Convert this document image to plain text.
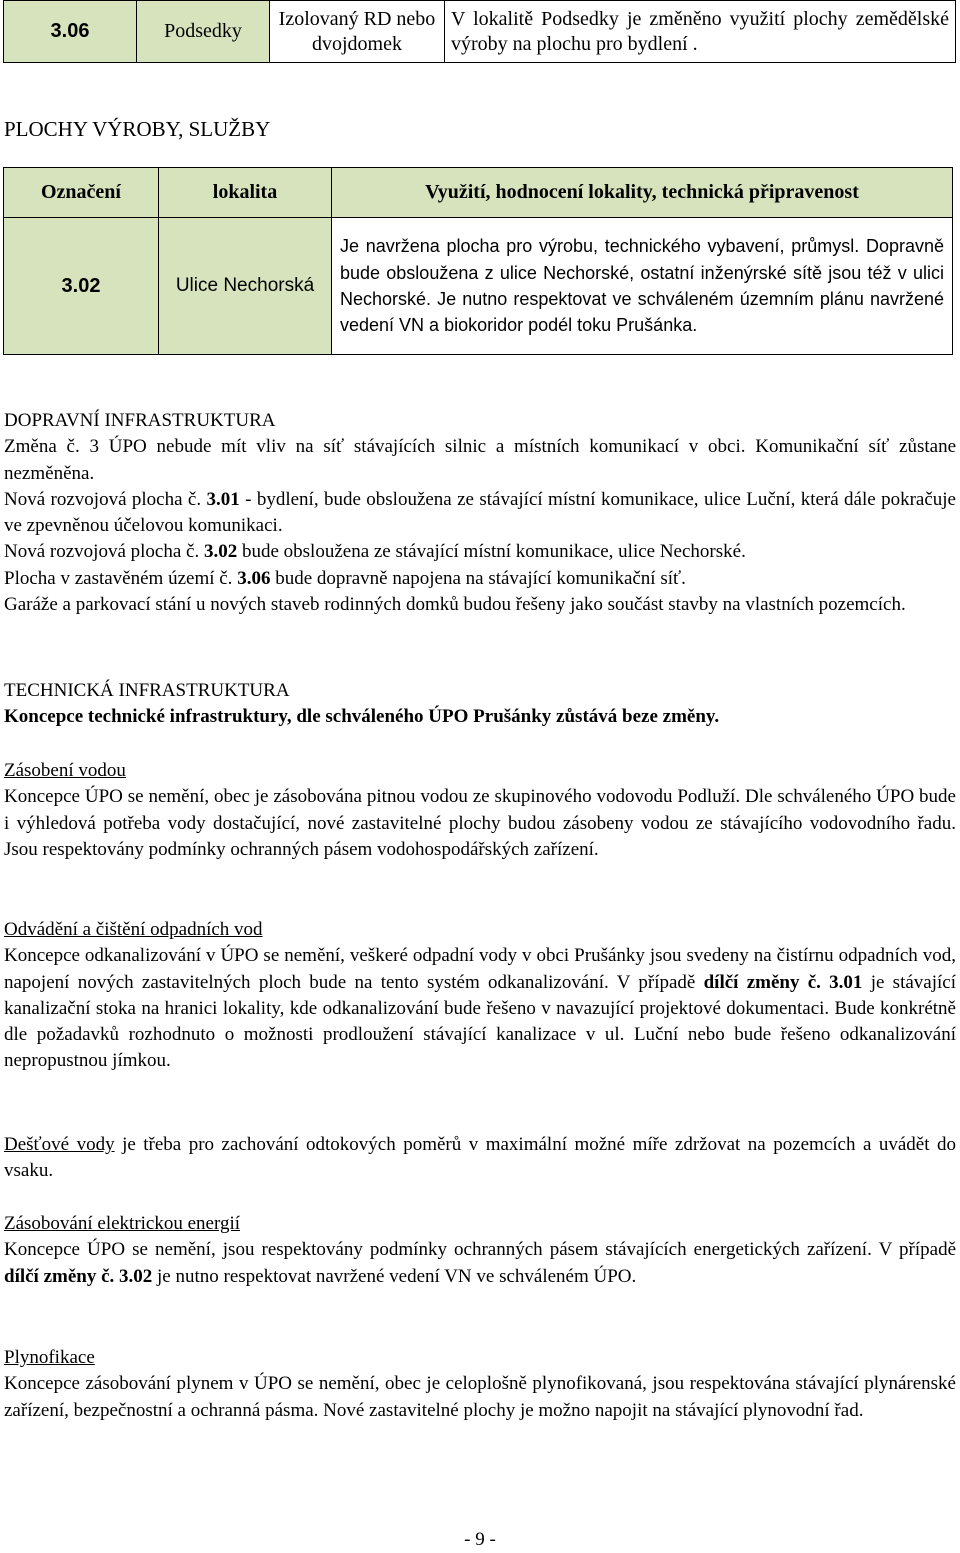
3.06	Podsedky	Izolovaný RD nebo dvojdomek	V lokalitě Podsedky je změněno využití plochy zemědělské výroby na plochu pro bydlení .
PLOCHY VÝROBY, SLUŽBY
Označení	lokalita	Využití, hodnocení lokality, technická připravenost
3.02	Ulice Nechorská	Je navržena plocha pro výrobu, technického vybavení, průmysl. Dopravně bude obsloužena z ulice Nechorské, ostatní inženýrské sítě jsou též v ulici Nechorské. Je nutno respektovat ve schváleném územním plánu navržené vedení VN a biokoridor podél toku Prušánka.

DOPRAVNÍ INFRASTRUKTURA

Změna č. 3 ÚPO nebude mít vliv na síť stávajících silnic a místních komunikací v obci. Komunikační síť zůstane nezměněna.

Nová rozvojová plocha č. 3.01 - bydlení, bude obsloužena ze stávající místní komunikace, ulice Luční, která dále pokračuje ve zpevněnou účelovou komunikaci.

Nová rozvojová plocha č. 3.02 bude obsloužena ze stávající místní komunikace, ulice Nechorské.

Plocha v zastavěném území č. 3.06 bude dopravně napojena na stávající komunikační síť.

Garáže a parkovací stání u nových staveb rodinných domků budou řešeny jako součást stavby na vlastních pozemcích.

TECHNICKÁ INFRASTRUKTURA

Koncepce technické infrastruktury, dle schváleného ÚPO Prušánky zůstává beze změny.

Zásobení vodou

Koncepce ÚPO se nemění, obec je zásobována pitnou vodou ze skupinového vodovodu Podluží. Dle schváleného ÚPO bude i výhledová potřeba vody dostačující, nové zastavitelné plochy budou zásobeny vodou ze stávajícího vodovodního řadu. Jsou respektovány podmínky ochranných pásem vodohospodářských zařízení.

Odvádění a čištění odpadních vod

Koncepce odkanalizování v ÚPO se nemění, veškeré odpadní vody v obci Prušánky jsou svedeny na čistírnu odpadních vod, napojení nových zastavitelných ploch bude na tento systém odkanalizování. V případě dílčí změny č. 3.01 je stávající kanalizační stoka na hranici lokality, kde odkanalizování bude řešeno v navazující projektové dokumentaci. Bude konkrétně dle požadavků rozhodnuto o možnosti prodloužení stávající kanalizace v ul. Luční nebo bude řešeno odkanalizování nepropustnou jímkou.

Dešťové vody je třeba pro zachování odtokových poměrů v maximální možné míře zdržovat na pozemcích a uvádět do vsaku.

Zásobování elektrickou energií

Koncepce ÚPO se nemění, jsou respektovány podmínky ochranných pásem stávajících energetických zařízení. V případě dílčí změny č. 3.02 je nutno respektovat navržené vedení VN ve schváleném ÚPO.

Plynofikace

Koncepce zásobování plynem v ÚPO se nemění, obec je celoplošně plynofikovaná, jsou respektována stávající plynárenské zařízení, bezpečnostní a ochranná pásma. Nové zastavitelné plochy je možno napojit na stávající plynovodní řad.

- 9 -
